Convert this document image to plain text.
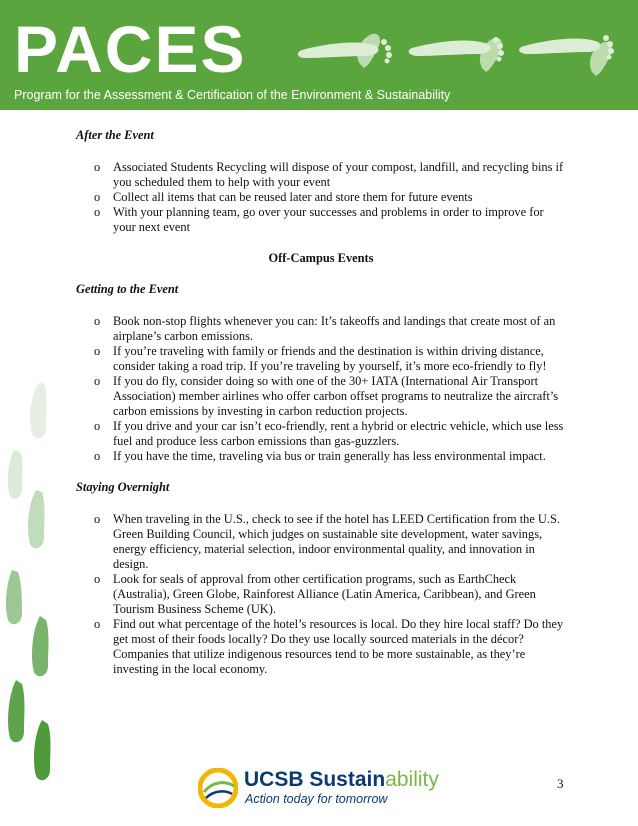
PACES
Program for the Assessment & Certification of the Environment & Sustainability
After the Event
o Associated Students Recycling will dispose of your compost, landfill, and recycling bins if you scheduled them to help with your event
o Collect all items that can be reused later and store them for future events
o With your planning team, go over your successes and problems in order to improve for your next event
Off-Campus Events
Getting to the Event
o Book non-stop flights whenever you can: It’s takeoffs and landings that create most of an airplane’s carbon emissions.
o If you’re traveling with family or friends and the destination is within driving distance, consider taking a road trip. If you’re traveling by yourself, it’s more eco-friendly to fly!
o If you do fly, consider doing so with one of the 30+ IATA (International Air Transport Association) member airlines who offer carbon offset programs to neutralize the aircraft’s carbon emissions by investing in carbon reduction projects.
o If you drive and your car isn’t eco-friendly, rent a hybrid or electric vehicle, which use less fuel and produce less carbon emissions than gas-guzzlers.
o If you have the time, traveling via bus or train generally has less environmental impact.
Staying Overnight
o When traveling in the U.S., check to see if the hotel has LEED Certification from the U.S. Green Building Council, which judges on sustainable site development, water savings, energy efficiency, material selection, indoor environmental quality, and innovation in design.
o Look for seals of approval from other certification programs, such as EarthCheck (Australia), Green Globe, Rainforest Alliance (Latin America, Caribbean), and Green Tourism Business Scheme (UK).
o Find out what percentage of the hotel’s resources is local. Do they hire local staff? Do they get most of their foods locally? Do they use locally sourced materials in the décor? Companies that utilize indigenous resources tend to be more sustainable, as they’re investing in the local economy.
3
UCSB Sustainability
Action today for tomorrow
